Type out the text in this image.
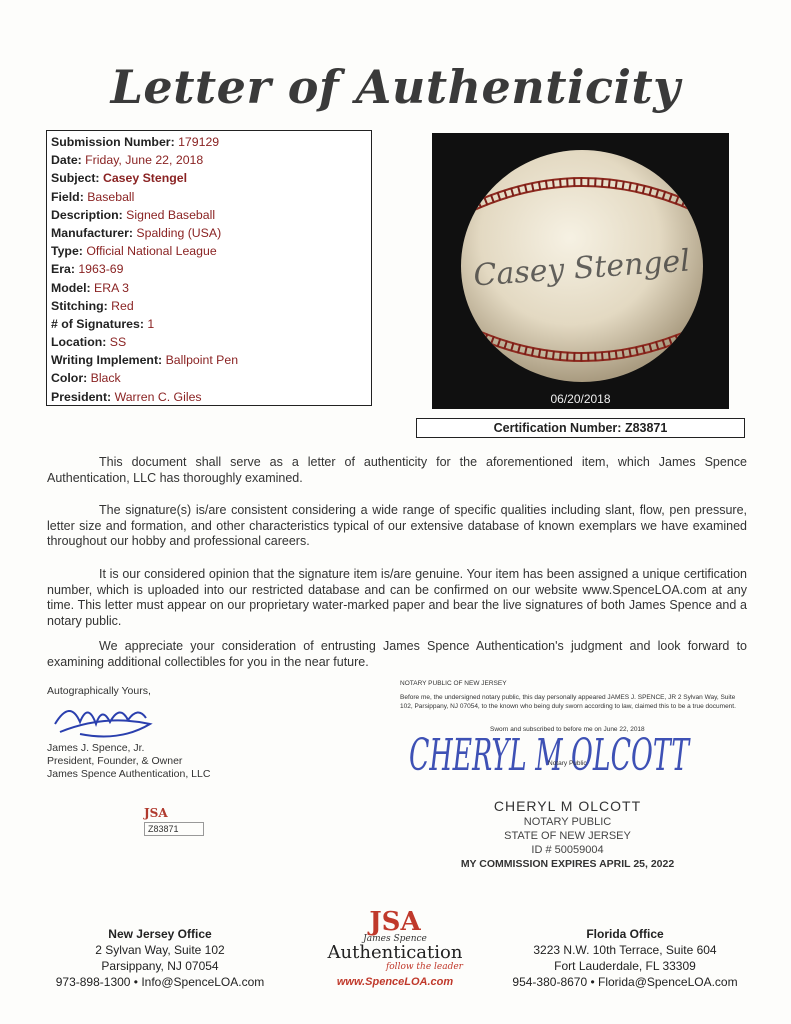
Letter of Authenticity
Submission Number: 179129
Date: Friday, June 22, 2018
Subject: Casey Stengel
Field: Baseball
Description: Signed Baseball
Manufacturer: Spalding (USA)
Type: Official National League
Era: 1963-69
Model: ERA 3
Stitching: Red
# of Signatures: 1
Location: SS
Writing Implement: Ballpoint Pen
Color: Black
President: Warren C. Giles
Casey Stengel
06/20/2018
Certification Number: Z83871

This document shall serve as a letter of authenticity for the aforementioned item, which James Spence Authentication, LLC has thoroughly examined.

The signature(s) is/are consistent considering a wide range of specific qualities including slant, flow, pen pressure, letter size and formation, and other characteristics typical of our extensive database of known exemplars we have examined throughout our hobby and professional careers.

It is our considered opinion that the signature item is/are genuine. Your item has been assigned a unique certification number, which is uploaded into our restricted database and can be confirmed on our website www.SpenceLOA.com at any time. This letter must appear on our proprietary water-marked paper and bear the live signatures of both James Spence and a notary public.

We appreciate your consideration of entrusting James Spence Authentication's judgment and look forward to examining additional collectibles for you in the near future.

Autographically Yours,
James J. Spence, Jr.
President, Founder, & Owner
James Spence Authentication, LLC
JSA
Z83871
NOTARY PUBLIC OF NEW JERSEY
Before me, the undersigned notary public, this day personally appeared JAMES J. SPENCE, JR 2 Sylvan Way, Suite 102, Parsippany, NJ 07054, to the known who being duly sworn according to law, claimed this to be a true document.
Sworn and subscribed to before me on June 22, 2018
CHERYL M OLCOTT
Notary Public
CHERYL M OLCOTT
NOTARY PUBLIC
STATE OF NEW JERSEY
ID # 50059004
MY COMMISSION EXPIRES APRIL 25, 2022
New Jersey Office
2 Sylvan Way, Suite 102
Parsippany, NJ 07054
973-898-1300 • Info@SpenceLOA.com
JSA
James Spence
Authentication
follow the leader
www.SpenceLOA.com
Florida Office
3223 N.W. 10th Terrace, Suite 604
Fort Lauderdale, FL 33309
954-380-8670 • Florida@SpenceLOA.com
